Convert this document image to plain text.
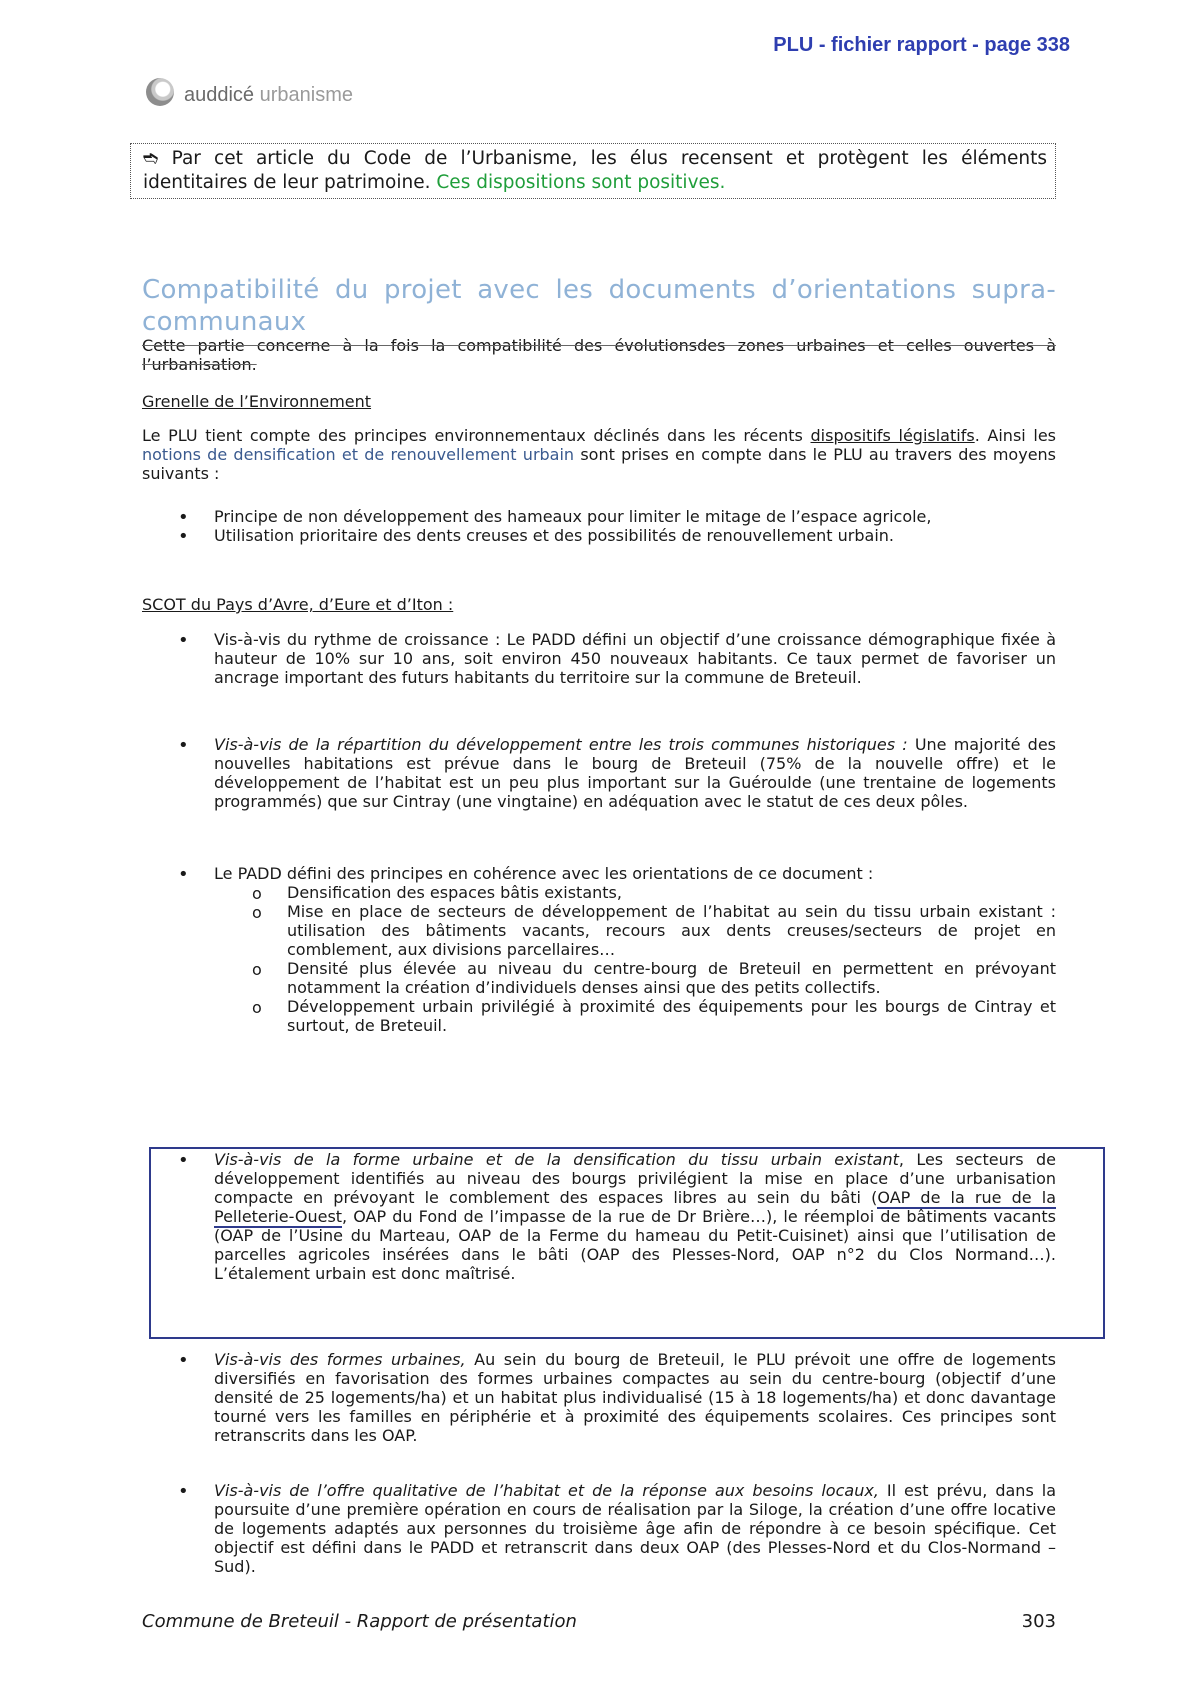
PLU - fichier rapport - page 338
auddicé urbanisme
➬ Par cet article du Code de l’Urbanisme, les élus recensent et protègent les éléments identitaires de leur patrimoine. Ces dispositions sont positives.
Compatibilité du projet avec les documents d’orientations supra-communaux
Cette partie concerne à la fois la compatibilité des évolutionsdes zones urbaines et celles ouvertes à l’urbanisation.
Grenelle de l’Environnement
Le PLU tient compte des principes environnementaux déclinés dans les récents dispositifs législatifs. Ainsi les notions de densification et de renouvellement urbain sont prises en compte dans le PLU au travers des moyens suivants :
• Principe de non développement des hameaux pour limiter le mitage de l’espace agricole,
• Utilisation prioritaire des dents creuses et des possibilités de renouvellement urbain.
SCOT du Pays d’Avre, d’Eure et d’Iton :
• Vis-à-vis du rythme de croissance : Le PADD défini un objectif d’une croissance démographique fixée à hauteur de 10% sur 10 ans, soit environ 450 nouveaux habitants. Ce taux permet de favoriser un ancrage important des futurs habitants du territoire sur la commune de Breteuil.
• Vis-à-vis de la répartition du développement entre les trois communes historiques : Une majorité des nouvelles habitations est prévue dans le bourg de Breteuil (75% de la nouvelle offre) et le développement de l’habitat est un peu plus important sur la Guéroulde (une trentaine de logements programmés) que sur Cintray (une vingtaine) en adéquation avec le statut de ces deux pôles.
• Le PADD défini des principes en cohérence avec les orientations de ce document :
o Densification des espaces bâtis existants,
o Mise en place de secteurs de développement de l’habitat au sein du tissu urbain existant : utilisation des bâtiments vacants, recours aux dents creuses/secteurs de projet en comblement, aux divisions parcellaires…
o Densité plus élevée au niveau du centre-bourg de Breteuil en permettent en prévoyant notamment la création d’individuels denses ainsi que des petits collectifs.
o Développement urbain privilégié à proximité des équipements pour les bourgs de Cintray et surtout, de Breteuil.
• Vis-à-vis de la forme urbaine et de la densification du tissu urbain existant, Les secteurs de développement identifiés au niveau des bourgs privilégient la mise en place d’une urbanisation compacte en prévoyant le comblement des espaces libres au sein du bâti (OAP de la rue de la Pelleterie-Ouest, OAP du Fond de l’impasse de la rue de Dr Brière…), le réemploi de bâtiments vacants (OAP de l’Usine du Marteau, OAP de la Ferme du hameau du Petit-Cuisinet) ainsi que l’utilisation de parcelles agricoles insérées dans le bâti (OAP des Plesses-Nord, OAP n°2 du Clos Normand…). L’étalement urbain est donc maîtrisé.
• Vis-à-vis des formes urbaines, Au sein du bourg de Breteuil, le PLU prévoit une offre de logements diversifiés en favorisation des formes urbaines compactes au sein du centre-bourg (objectif d’une densité de 25 logements/ha) et un habitat plus individualisé (15 à 18 logements/ha) et donc davantage tourné vers les familles en périphérie et à proximité des équipements scolaires. Ces principes sont retranscrits dans les OAP.
• Vis-à-vis de l’offre qualitative de l’habitat et de la réponse aux besoins locaux, Il est prévu, dans la poursuite d’une première opération en cours de réalisation par la Siloge, la création d’une offre locative de logements adaptés aux personnes du troisième âge afin de répondre à ce besoin spécifique. Cet objectif est défini dans le PADD et retranscrit dans deux OAP (des Plesses-Nord et du Clos-Normand – Sud).
Commune de Breteuil - Rapport de présentation	303
